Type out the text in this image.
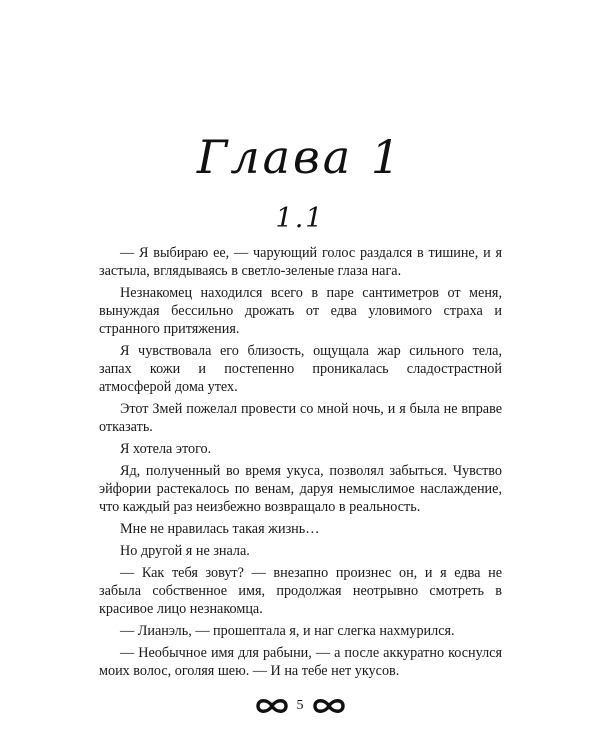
Глава 1
1.1

— Я выбираю ее, — чарующий голос раздался в тишине, и я застыла, вглядываясь в светло-зеленые глаза нага.

Незнакомец находился всего в паре сантиметров от меня, вынуждая бессильно дрожать от едва уловимого страха и странного притяжения.

Я чувствовала его близость, ощущала жар сильного тела, запах кожи и постепенно проникалась сладострастной атмосферой дома утех.

Этот Змей пожелал провести со мной ночь, и я была не вправе отказать.

Я хотела этого.

Яд, полученный во время укуса, позволял забыться. Чувство эйфории растекалось по венам, даруя немыслимое наслаждение, что каждый раз неизбежно возвращало в реальность.

Мне не нравилась такая жизнь…

Но другой я не знала.

— Как тебя зовут? — внезапно произнес он, и я едва не забыла собственное имя, продолжая неотрывно смотреть в красивое лицо незнакомца.

— Лианэль, — прошептала я, и наг слегка нахмурился.

— Необычное имя для рабыни, — а после аккуратно коснулся моих волос, оголяя шею. — И на тебе нет укусов.

5
